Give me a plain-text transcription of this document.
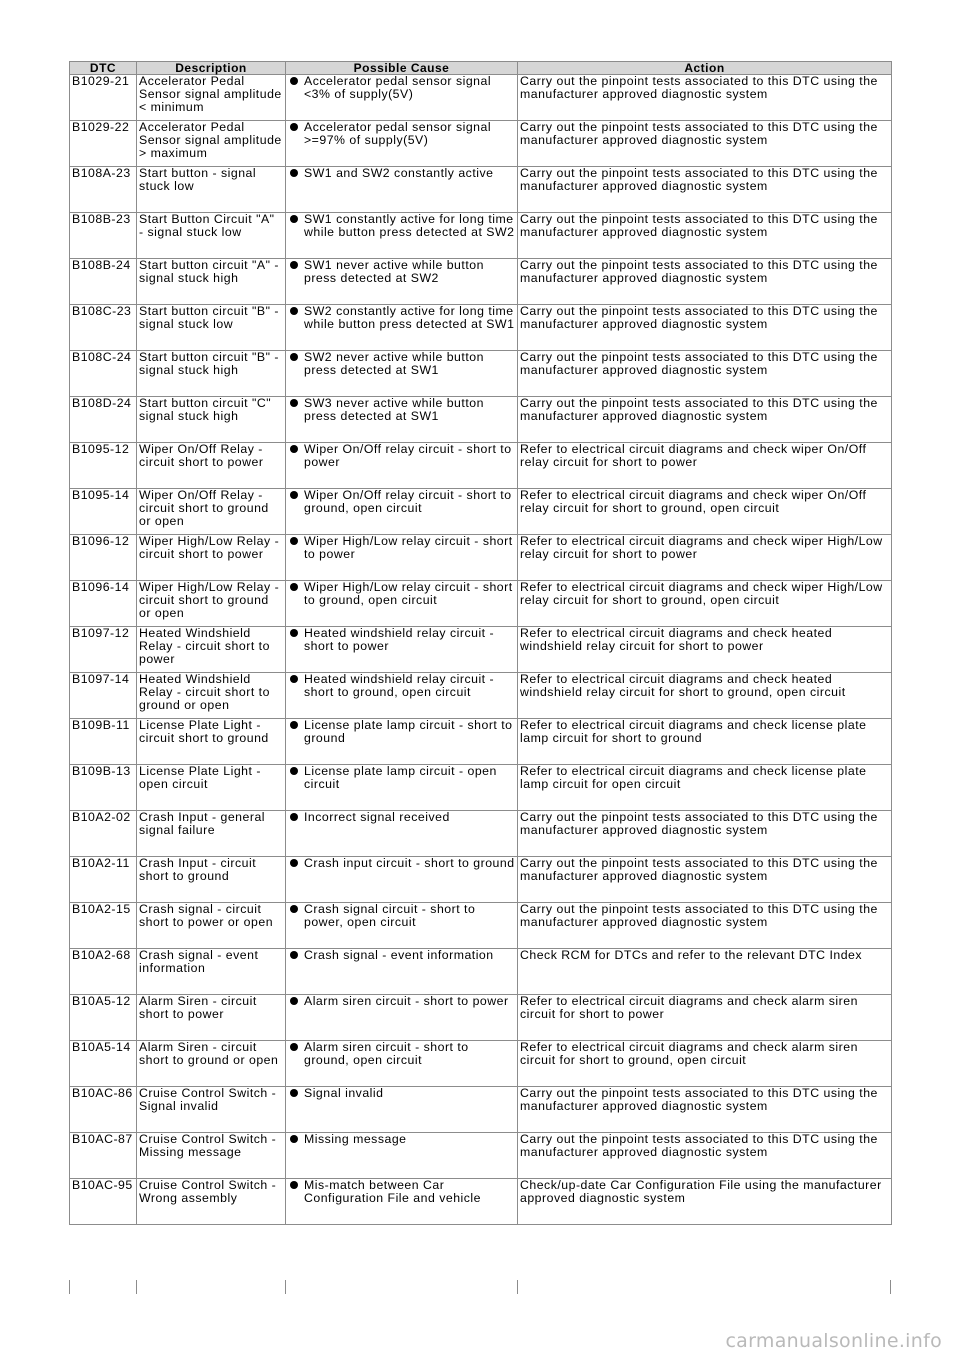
DTC	Description	Possible Cause	Action
B1029-21	Accelerator Pedal Sensor signal amplitude < minimum	Accelerator pedal sensor signal <3% of supply(5V)	Carry out the pinpoint tests associated to this DTC using the manufacturer approved diagnostic system
B1029-22	Accelerator Pedal Sensor signal amplitude > maximum	Accelerator pedal sensor signal >=97% of supply(5V)	Carry out the pinpoint tests associated to this DTC using the manufacturer approved diagnostic system
B108A-23	Start button - signal stuck low	SW1 and SW2 constantly active	Carry out the pinpoint tests associated to this DTC using the manufacturer approved diagnostic system
B108B-23	Start Button Circuit "A" - signal stuck low	SW1 constantly active for long time while button press detected at SW2	Carry out the pinpoint tests associated to this DTC using the manufacturer approved diagnostic system
B108B-24	Start button circuit "A" - signal stuck high	SW1 never active while button press detected at SW2	Carry out the pinpoint tests associated to this DTC using the manufacturer approved diagnostic system
B108C-23	Start button circuit "B" - signal stuck low	SW2 constantly active for long time while button press detected at SW1	Carry out the pinpoint tests associated to this DTC using the manufacturer approved diagnostic system
B108C-24	Start button circuit "B" - signal stuck high	SW2 never active while button press detected at SW1	Carry out the pinpoint tests associated to this DTC using the manufacturer approved diagnostic system
B108D-24	Start button circuit "C" signal stuck high	SW3 never active while button press detected at SW1	Carry out the pinpoint tests associated to this DTC using the manufacturer approved diagnostic system
B1095-12	Wiper On/Off Relay - circuit short to power	Wiper On/Off relay circuit - short to power	Refer to electrical circuit diagrams and check wiper On/Off relay circuit for short to power
B1095-14	Wiper On/Off Relay - circuit short to ground or open	Wiper On/Off relay circuit - short to ground, open circuit	Refer to electrical circuit diagrams and check wiper On/Off relay circuit for short to ground, open circuit
B1096-12	Wiper High/Low Relay - circuit short to power	Wiper High/Low relay circuit - short to power	Refer to electrical circuit diagrams and check wiper High/Low relay circuit for short to power
B1096-14	Wiper High/Low Relay - circuit short to ground or open	Wiper High/Low relay circuit - short to ground, open circuit	Refer to electrical circuit diagrams and check wiper High/Low relay circuit for short to ground, open circuit
B1097-12	Heated Windshield Relay - circuit short to power	Heated windshield relay circuit - short to power	Refer to electrical circuit diagrams and check heated windshield relay circuit for short to power
B1097-14	Heated Windshield Relay - circuit short to ground or open	Heated windshield relay circuit - short to ground, open circuit	Refer to electrical circuit diagrams and check heated windshield relay circuit for short to ground, open circuit
B109B-11	License Plate Light - circuit short to ground	License plate lamp circuit - short to ground	Refer to electrical circuit diagrams and check license plate lamp circuit for short to ground
B109B-13	License Plate Light - open circuit	License plate lamp circuit - open circuit	Refer to electrical circuit diagrams and check license plate lamp circuit for open circuit
B10A2-02	Crash Input - general signal failure	Incorrect signal received	Carry out the pinpoint tests associated to this DTC using the manufacturer approved diagnostic system
B10A2-11	Crash Input - circuit short to ground	Crash input circuit - short to ground	Carry out the pinpoint tests associated to this DTC using the manufacturer approved diagnostic system
B10A2-15	Crash signal - circuit short to power or open	Crash signal circuit - short to power, open circuit	Carry out the pinpoint tests associated to this DTC using the manufacturer approved diagnostic system
B10A2-68	Crash signal - event information	Crash signal - event information	Check RCM for DTCs and refer to the relevant DTC Index
B10A5-12	Alarm Siren - circuit short to power	Alarm siren circuit - short to power	Refer to electrical circuit diagrams and check alarm siren circuit for short to power
B10A5-14	Alarm Siren - circuit short to ground or open	Alarm siren circuit - short to ground, open circuit	Refer to electrical circuit diagrams and check alarm siren circuit for short to ground, open circuit
B10AC-86	Cruise Control Switch - Signal invalid	Signal invalid	Carry out the pinpoint tests associated to this DTC using the manufacturer approved diagnostic system
B10AC-87	Cruise Control Switch - Missing message	Missing message	Carry out the pinpoint tests associated to this DTC using the manufacturer approved diagnostic system
B10AC-95	Cruise Control Switch - Wrong assembly	Mis-match between Car Configuration File and vehicle	Check/up-date Car Configuration File using the manufacturer approved diagnostic system
carmanualsonline.info
